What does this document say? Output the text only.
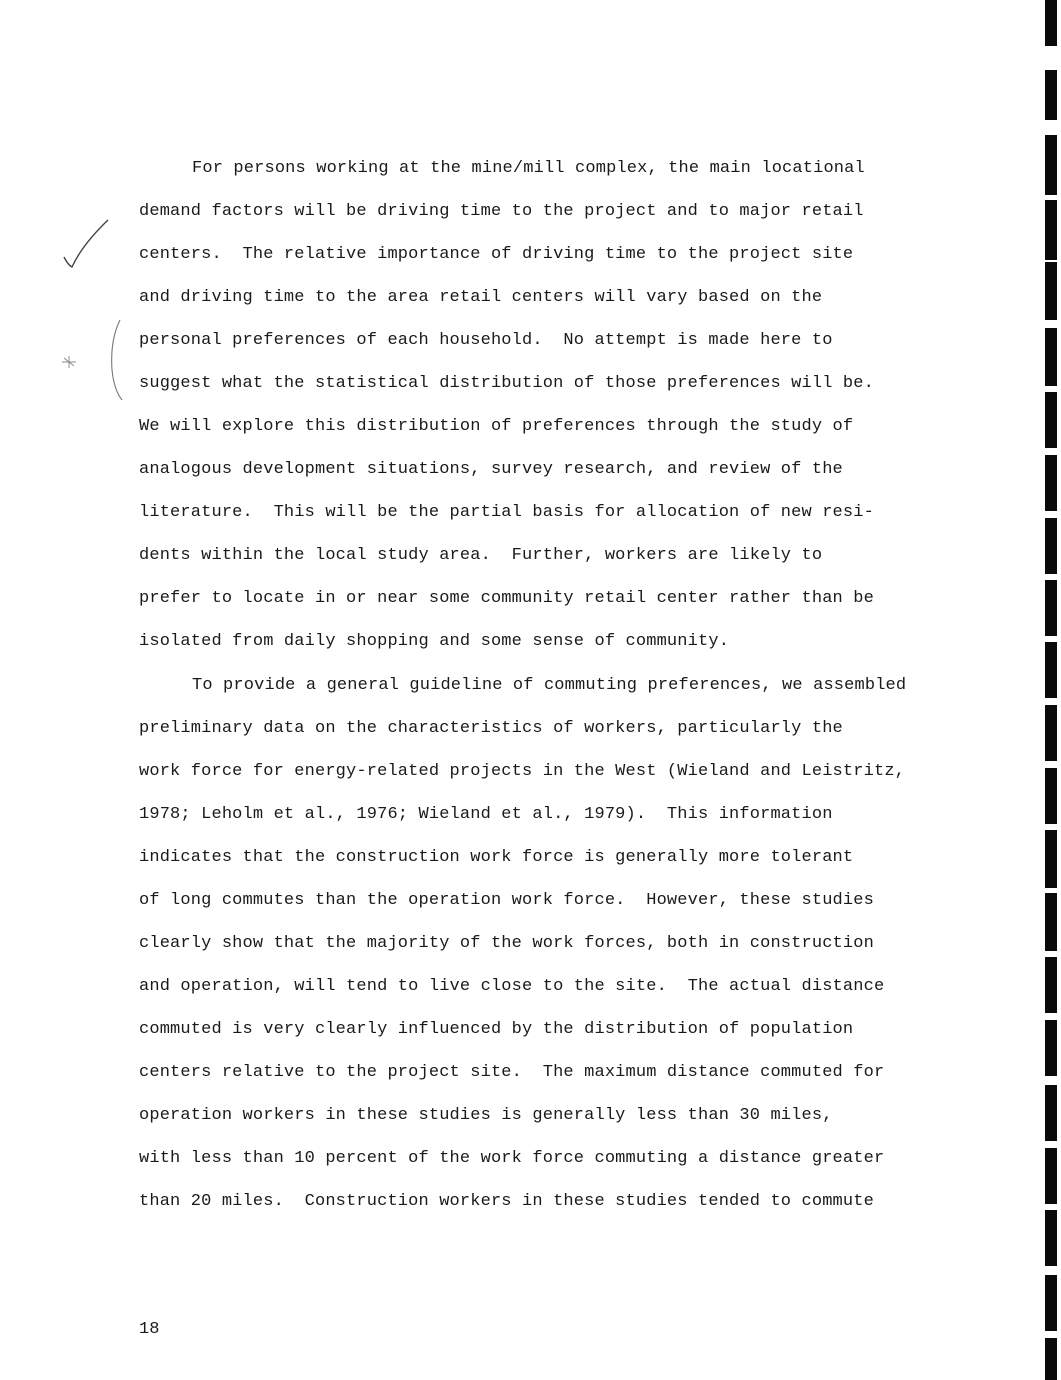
For persons working at the mine/mill complex, the main locational
demand factors will be driving time to the project and to major retail
centers.  The relative importance of driving time to the project site
and driving time to the area retail centers will vary based on the
personal preferences of each household.  No attempt is made here to
suggest what the statistical distribution of those preferences will be.
We will explore this distribution of preferences through the study of
analogous development situations, survey research, and review of the
literature.  This will be the partial basis for allocation of new resi-
dents within the local study area.  Further, workers are likely to
prefer to locate in or near some community retail center rather than be
isolated from daily shopping and some sense of community.
To provide a general guideline of commuting preferences, we assembled
preliminary data on the characteristics of workers, particularly the
work force for energy-related projects in the West (Wieland and Leistritz,
1978; Leholm et al., 1976; Wieland et al., 1979).  This information
indicates that the construction work force is generally more tolerant
of long commutes than the operation work force.  However, these studies
clearly show that the majority of the work forces, both in construction
and operation, will tend to live close to the site.  The actual distance
commuted is very clearly influenced by the distribution of population
centers relative to the project site.  The maximum distance commuted for
operation workers in these studies is generally less than 30 miles,
with less than 10 percent of the work force commuting a distance greater
than 20 miles.  Construction workers in these studies tended to commute
18
